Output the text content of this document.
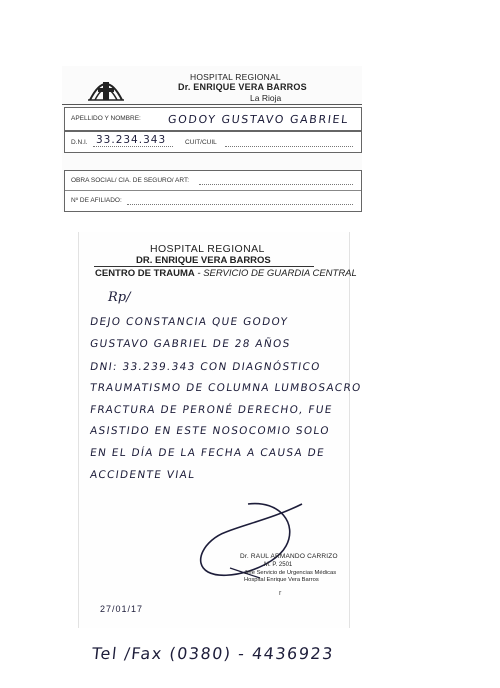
HOSPITAL REGIONAL
Dr. ENRIQUE VERA BARROS
La Rioja
APELLIDO Y NOMBRE: GODOY GUSTAVO GABRIEL
D.N.I.	CUIT/CUIL
33.234.343
OBRA SOCIAL/ CIA. DE SEGURO/ ART:
Nº DE AFILIADO:
HOSPITAL REGIONAL
DR. ENRIQUE VERA BARROS
CENTRO DE TRAUMA - SERVICIO DE GUARDIA CENTRAL
Rp/
DEJO CONSTANCIA QUE GODOY
GUSTAVO GABRIEL DE 28 AÑOS
DNI: 33.239.343 CON DIAGNÓSTICO
TRAUMATISMO DE COLUMNA LUMBOSACRO
FRACTURA DE PERONÉ DERECHO, FUE
ASISTIDO EN ESTE NOSOCOMIO SOLO
EN EL DÍA DE LA FECHA A CAUSA DE
ACCIDENTE VIAL
Dr. RAUL ARMANDO CARRIZO
M. P. 2501
Jefe Servicio de Urgencias Médicas
Hospital Enrique Vera Barros
r
27/01/17
Tel /Fax (0380) - 4436923
